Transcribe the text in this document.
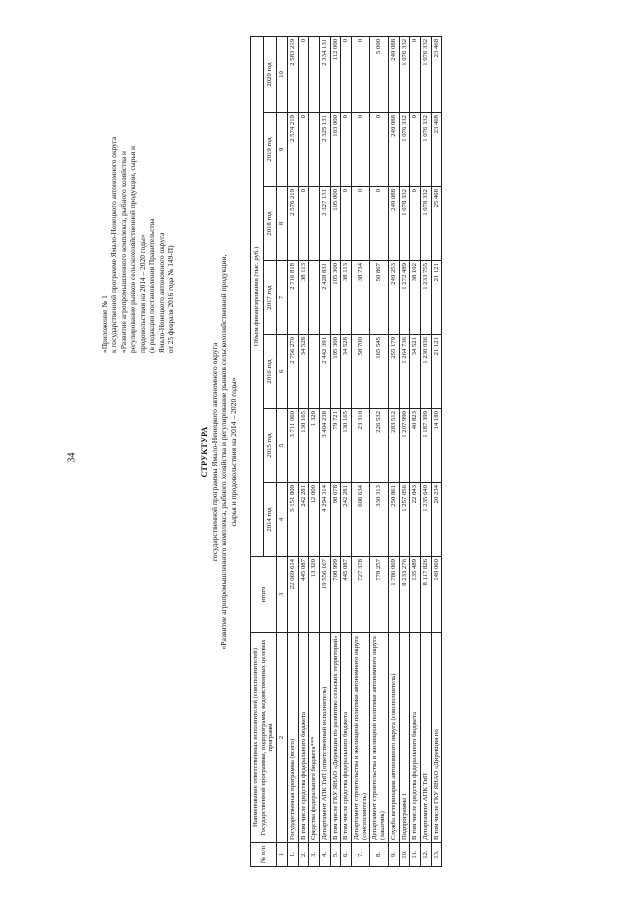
34
«Приложение № 1 к государственной программе Ямало-Ненецкого автономного округа «Развитие агропромышленного комплекса, рыбного хозяйства и регулирование рынков сельскохозяйственной продукции, сырья и продовольствия на 2014 – 2020 годы» (в редакции постановления Правительства Ямало-Ненецкого автономного округа от 25 февраля 2016 года № 149-П)
СТРУКТУРА государственной программы Ямало-Ненецкого автономного округа «Развитие агропромышленного комплекса, рыбного хозяйства и регулирование рынков сельскохозяйственной продукции, сырья и продовольствия на 2014 – 2020 годы»
№ п/п	Наименование ответственных исполнителей (соисполнителей) Государственной программы, подпрограмм, ведомственных целевых программ	итого	Объем финансирования (тыс. руб.)						
			2014 год	2015 год	2016 год	2017 год	2018 год	2019 год	2020 год
1	2	3	4	5	6	7	8	9	10
1.	Государственная программа (всего)	22 069 614	5 151 809	3 711 060	2 756 270	2 716 818	2 576 219	2 574 219	2 583 219
2.	В том числе средства федерального бюджета	445 087	242 281	130 165	34 528	38 113	0	0	0
3.	Средства федерального бюджета***	13 320	12 000	1 320					
4.	Департамент АПК ТиП (ответственный исполнитель)	19 556 167	4 294 314	3 404 238	2 442 391	2 428 831	2 327 131	2 325 131	2 334 131
5.	В том числе ГКУ ЯНАО «Дирекция по развитию сельских территорий»	708 999	98 678	79 721	105 300	105 300	105 000	103 000	112 000
6.	В том числе средства федерального бюджета	445 087	242 281	130 165	34 528	38 113	0	0	0
7.	Департамент строительства и жилищной политики автономного округа (соисполнитель)	727 378	606 634	23 310	58 700	38 734	0	0	0
8.	Департамент строительства и жилищной политики автономного округа (заказчик)	778 257	330 313	226 532	165 545	50 867	0	0	5 000
9.	Служба ветеринарии автономного округа (соисполнитель)	1 786 069	250 861	283 512	255 179	249 253	249 088	249 088	249 088
10.	Подпрограмма 1	8 233 276	1 257 056	1 207 999	1 264 736	1 272 489	1 078 332	1 076 332	1 076 332
11.	В том числе средства федерального бюджета	135 489	22 043	40 823	34 521	38 102	0	0	0
12.	Департамент АПК ТиП	8 117 826	1 235 640	1 187 399	1 230 036	1 233 755	1 078 332	1 076 332	1 076 332
13.	В том числе ГКУ ЯНАО «Дирекция по	149 060	20 234	14 180	21 121	21 121	25 468	23 468	23 468
